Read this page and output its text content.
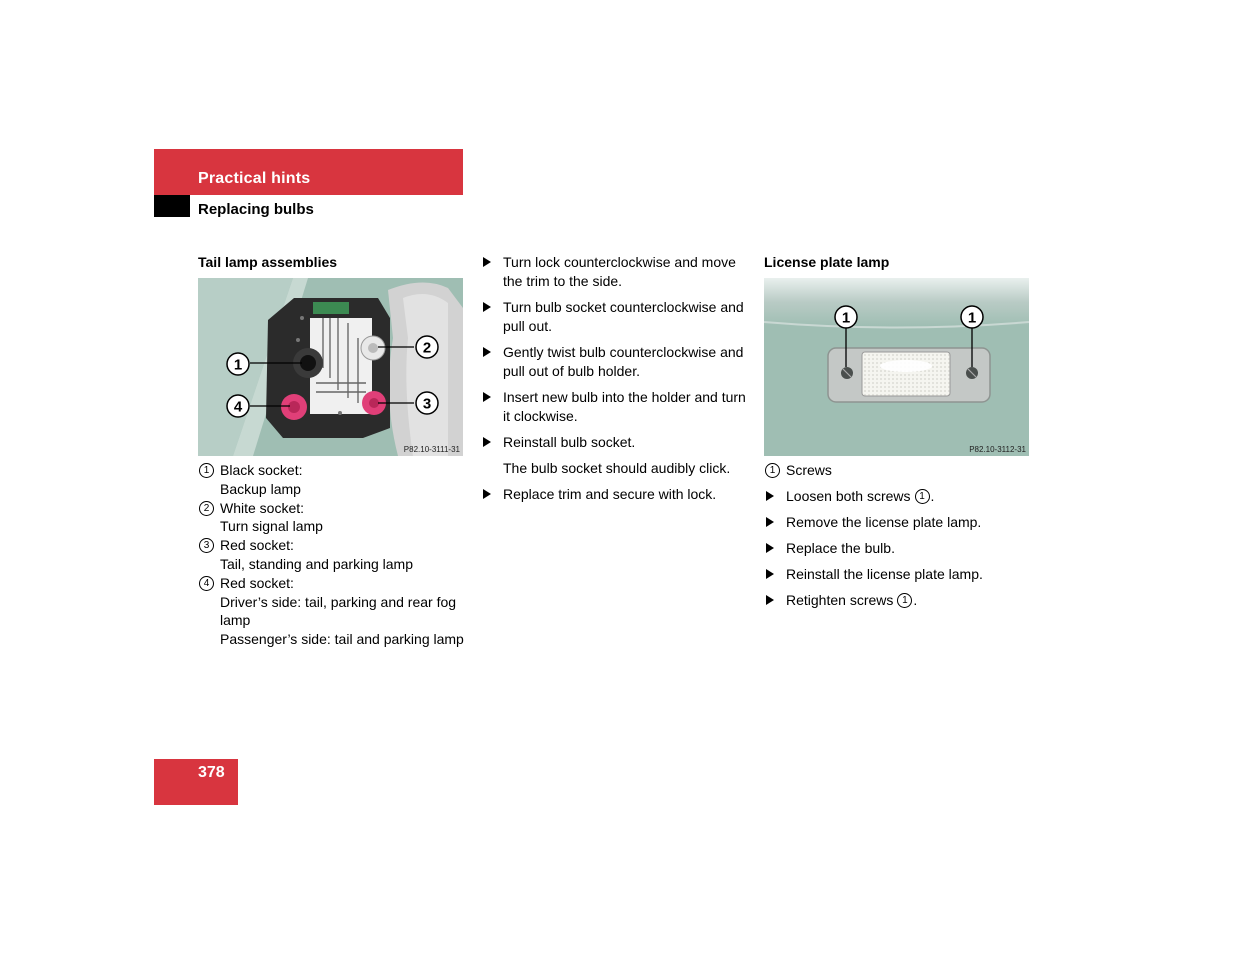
Practical hints
Replacing bulbs
Tail lamp assemblies
1
2
3
4
P82.10-3111-31
1 Black socket:
Backup lamp
2 White socket:
Turn signal lamp
3 Red socket:
Tail, standing and parking lamp
4 Red socket:
Driver’s side: tail, parking and rear fog lamp
Passenger’s side: tail and parking lamp
Turn lock counterclockwise and move the trim to the side.
Turn bulb socket counterclockwise and pull out.
Gently twist bulb counterclockwise and pull out of bulb holder.
Insert new bulb into the holder and turn it clockwise.
Reinstall bulb socket.
The bulb socket should audibly click.
Replace trim and secure with lock.
License plate lamp
1	1
P82.10-3112-31
1 Screws
Loosen both screws 1 .
Remove the license plate lamp.
Replace the bulb.
Reinstall the license plate lamp.
Retighten screws 1 .
378
